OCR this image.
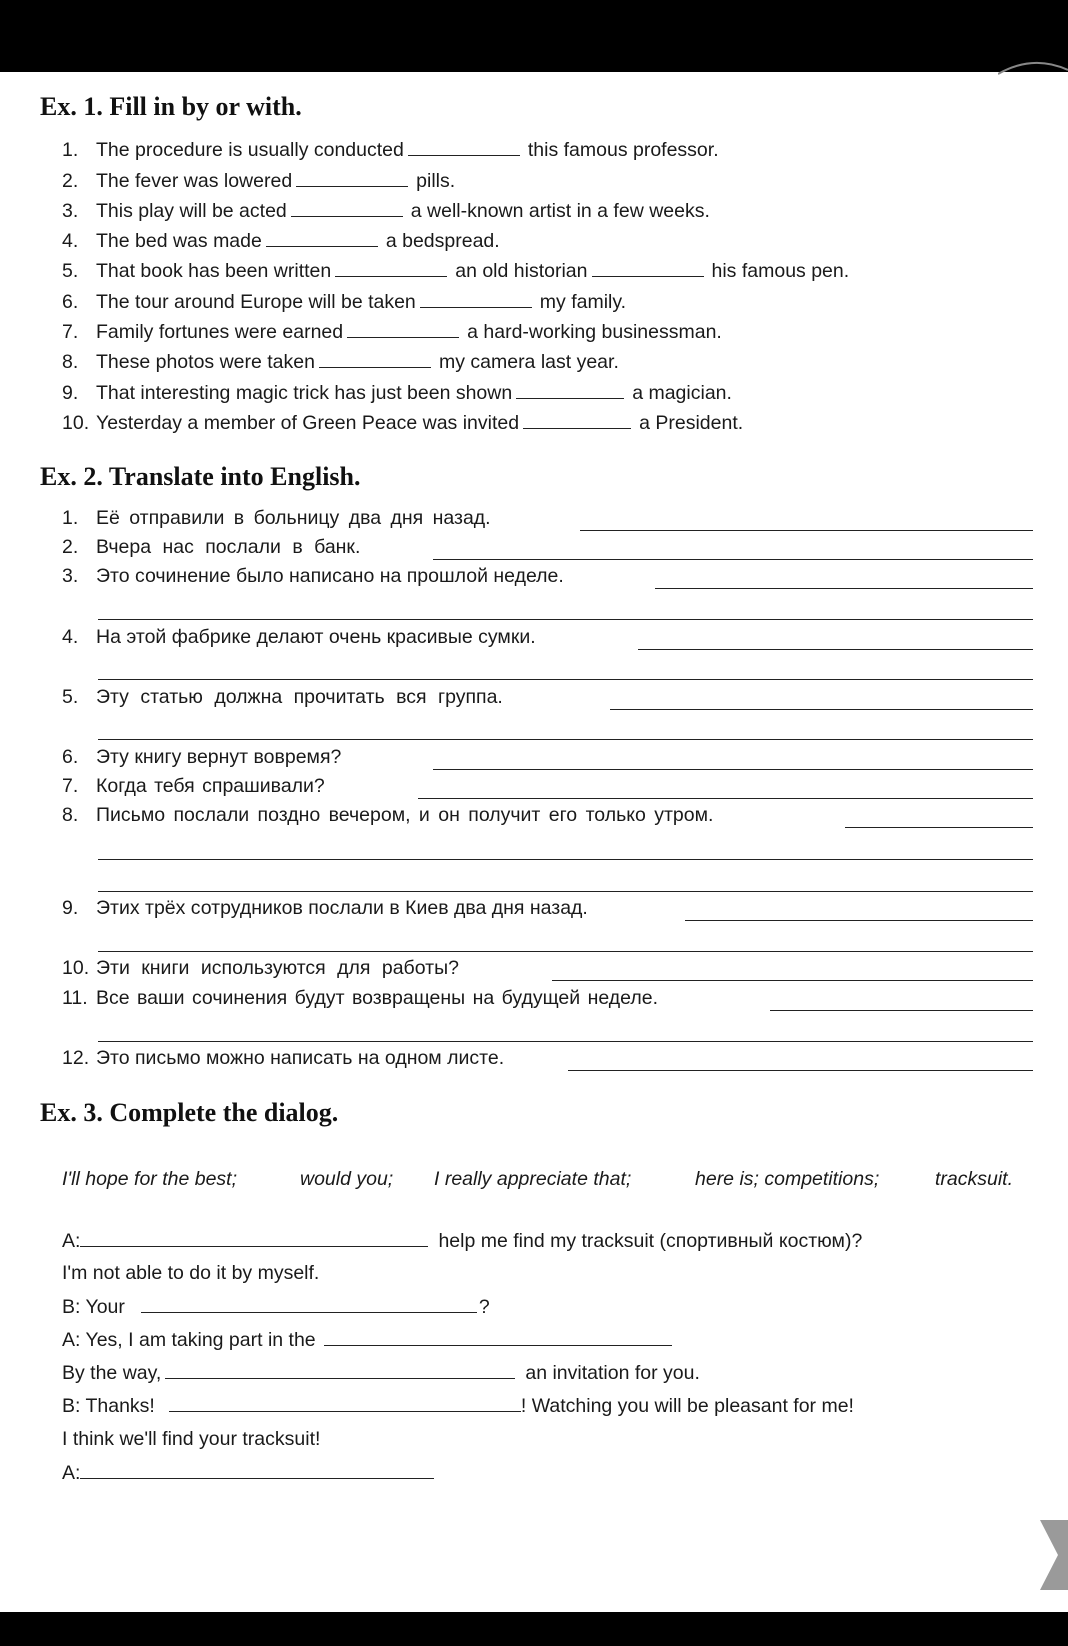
Ex. 1. Fill in by or with.
1. The procedure is usually conducted	this famous professor.
2. The fever was lowered	pills.
3. This play will be acted	a well-known artist in a few weeks.
4. The bed was made	a bedspread.
5. That book has been written	an old historian	his famous pen.
6. The tour around Europe will be taken	my family.
7. Family fortunes were earned	a hard-working businessman.
8. These photos were taken	my camera last year.
9. That interesting magic trick has just been shown	a magician.
10. Yesterday a member of Green Peace was invited	a President.
Ex. 2. Translate into English.
1. Её отправили в больницу два дня назад.
2. Вчера нас послали в банк.
3. Это сочинение было написано на прошлой неделе.
4. На этой фабрике делают очень красивые сумки.
5. Эту статью должна прочитать вся группа.
6. Эту книгу вернут вовремя?
7. Когда тебя спрашивали?
8. Письмо послали поздно вечером, и он получит его только утром.
9. Этих трёх сотрудников послали в Киев два дня назад.
10. Эти книги используются для работы?
11. Все ваши сочинения будут возвращены на будущей неделе.
12. Это письмо можно написать на одном листе.
Ex. 3. Complete the dialog.
I'll hope for the best;	would you; I really appreciate that;	here is; competitions;	tracksuit.
A:	help me find my tracksuit (спортивный костюм)?
I'm not able to do it by myself.
B: Your	?
A: Yes, I am taking part in the
By the way,	an invitation for you.
B: Thanks!	! Watching you will be pleasant for me!
I think we'll find your tracksuit!
A:
